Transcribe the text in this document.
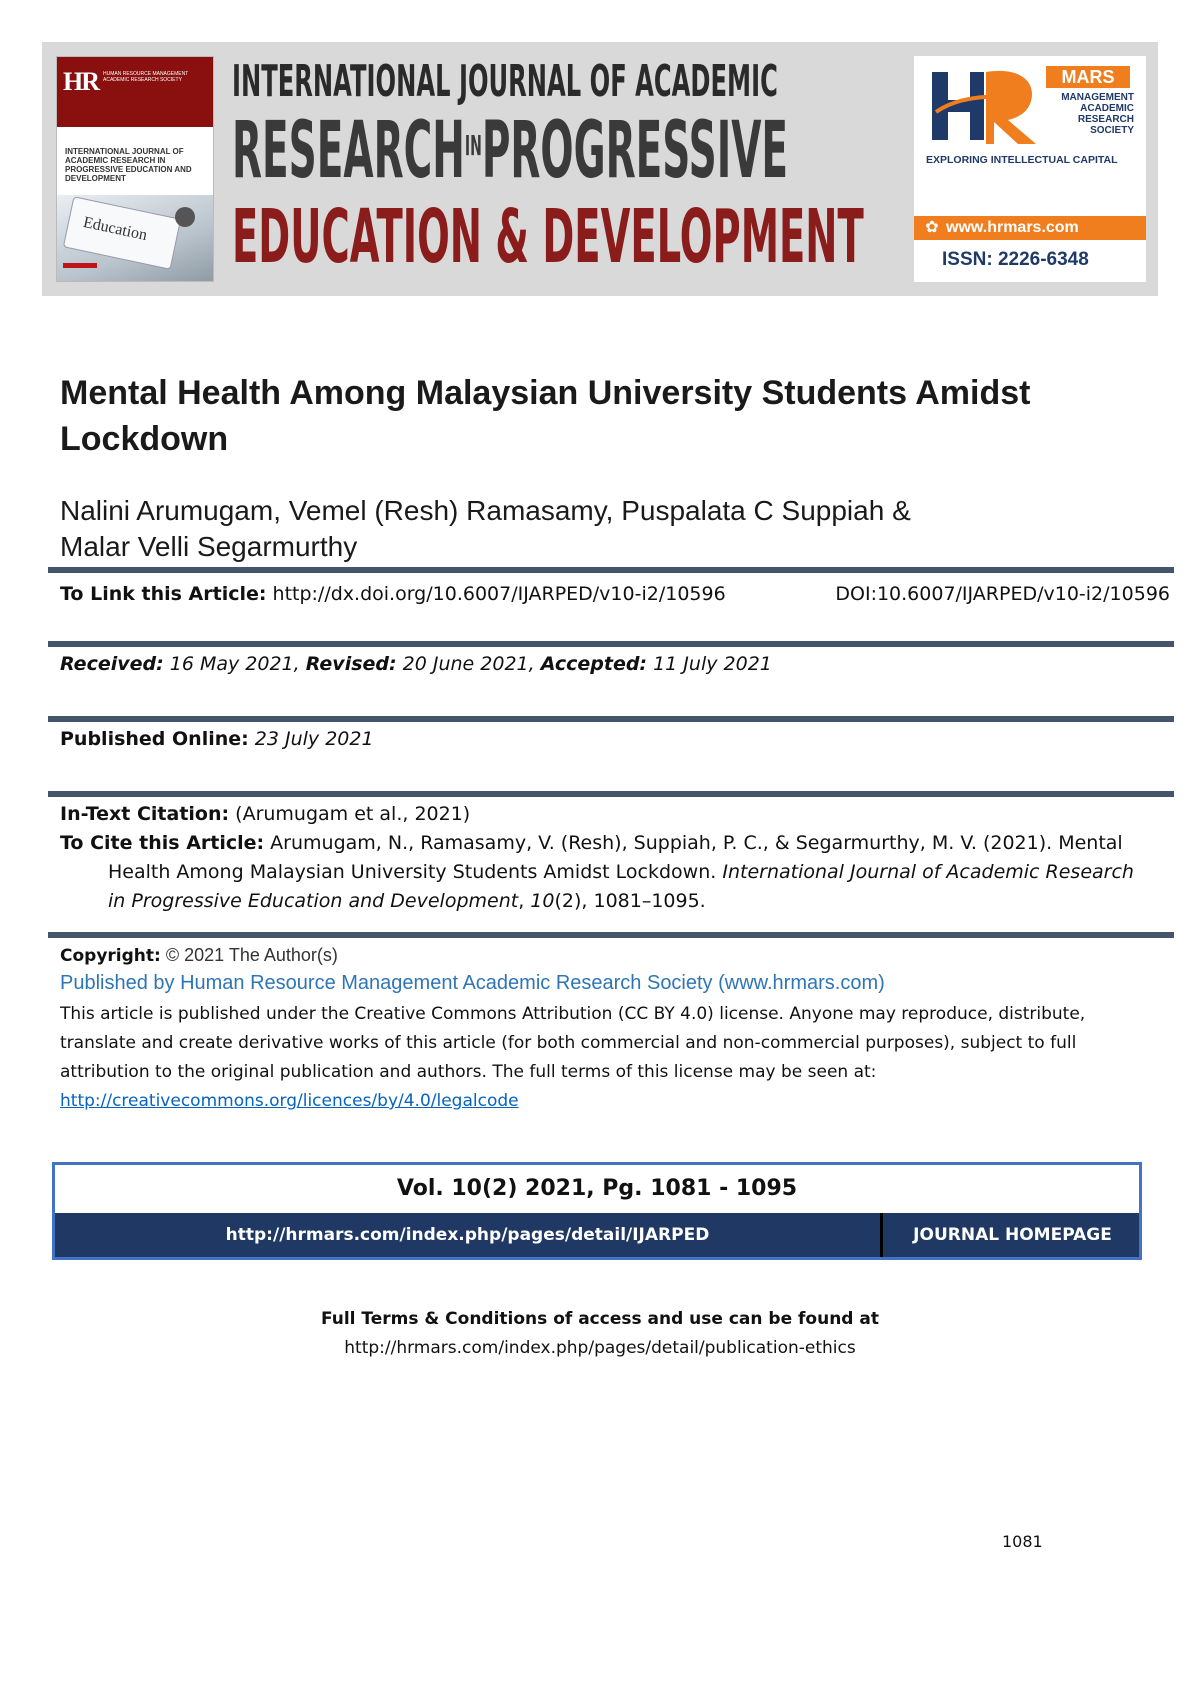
HR HUMAN RESOURCE MANAGEMENT ACADEMIC RESEARCH SOCIETY
INTERNATIONAL JOURNAL OF ACADEMIC RESEARCH IN PROGRESSIVE EDUCATION AND DEVELOPMENT
Education
INTERNATIONAL JOURNAL OF ACADEMIC
$RESEARCH^{IN}PROGRESSIVE$
EDUCATION & DEVELOPMENT
MARS
MANAGEMENT ACADEMIC RESEARCH SOCIETY
EXPLORING INTELLECTUAL CAPITAL
✿ www.hrmars.com
ISSN: 2226-6348
Mental Health Among Malaysian University Students Amidst Lockdown
Nalini Arumugam, Vemel (Resh) Ramasamy, Puspalata C Suppiah &
Malar Velli Segarmurthy
To Link this Article: http://dx.doi.org/10.6007/IJARPED/v10-i2/10596	DOI:10.6007/IJARPED/v10-i2/10596
Received: 16 May 2021, Revised: 20 June 2021, Accepted: 11 July 2021
Published Online: 23 July 2021
In-Text Citation: (Arumugam et al., 2021)
To Cite this Article: Arumugam, N., Ramasamy, V. (Resh), Suppiah, P. C., & Segarmurthy, M. V. (2021). Mental
Health Among Malaysian University Students Amidst Lockdown. International Journal of Academic Research in Progressive Education and Development, 10(2), 1081–1095.
Copyright: © 2021 The Author(s)
Published by Human Resource Management Academic Research Society (www.hrmars.com)
This article is published under the Creative Commons Attribution (CC BY 4.0) license. Anyone may reproduce, distribute, translate and create derivative works of this article (for both commercial and non-commercial purposes), subject to full attribution to the original publication and authors. The full terms of this license may be seen at: http://creativecommons.org/licences/by/4.0/legalcode
Vol. 10(2) 2021, Pg. 1081 - 1095
http://hrmars.com/index.php/pages/detail/IJARPED	JOURNAL HOMEPAGE
Full Terms & Conditions of access and use can be found at
http://hrmars.com/index.php/pages/detail/publication-ethics
1081
